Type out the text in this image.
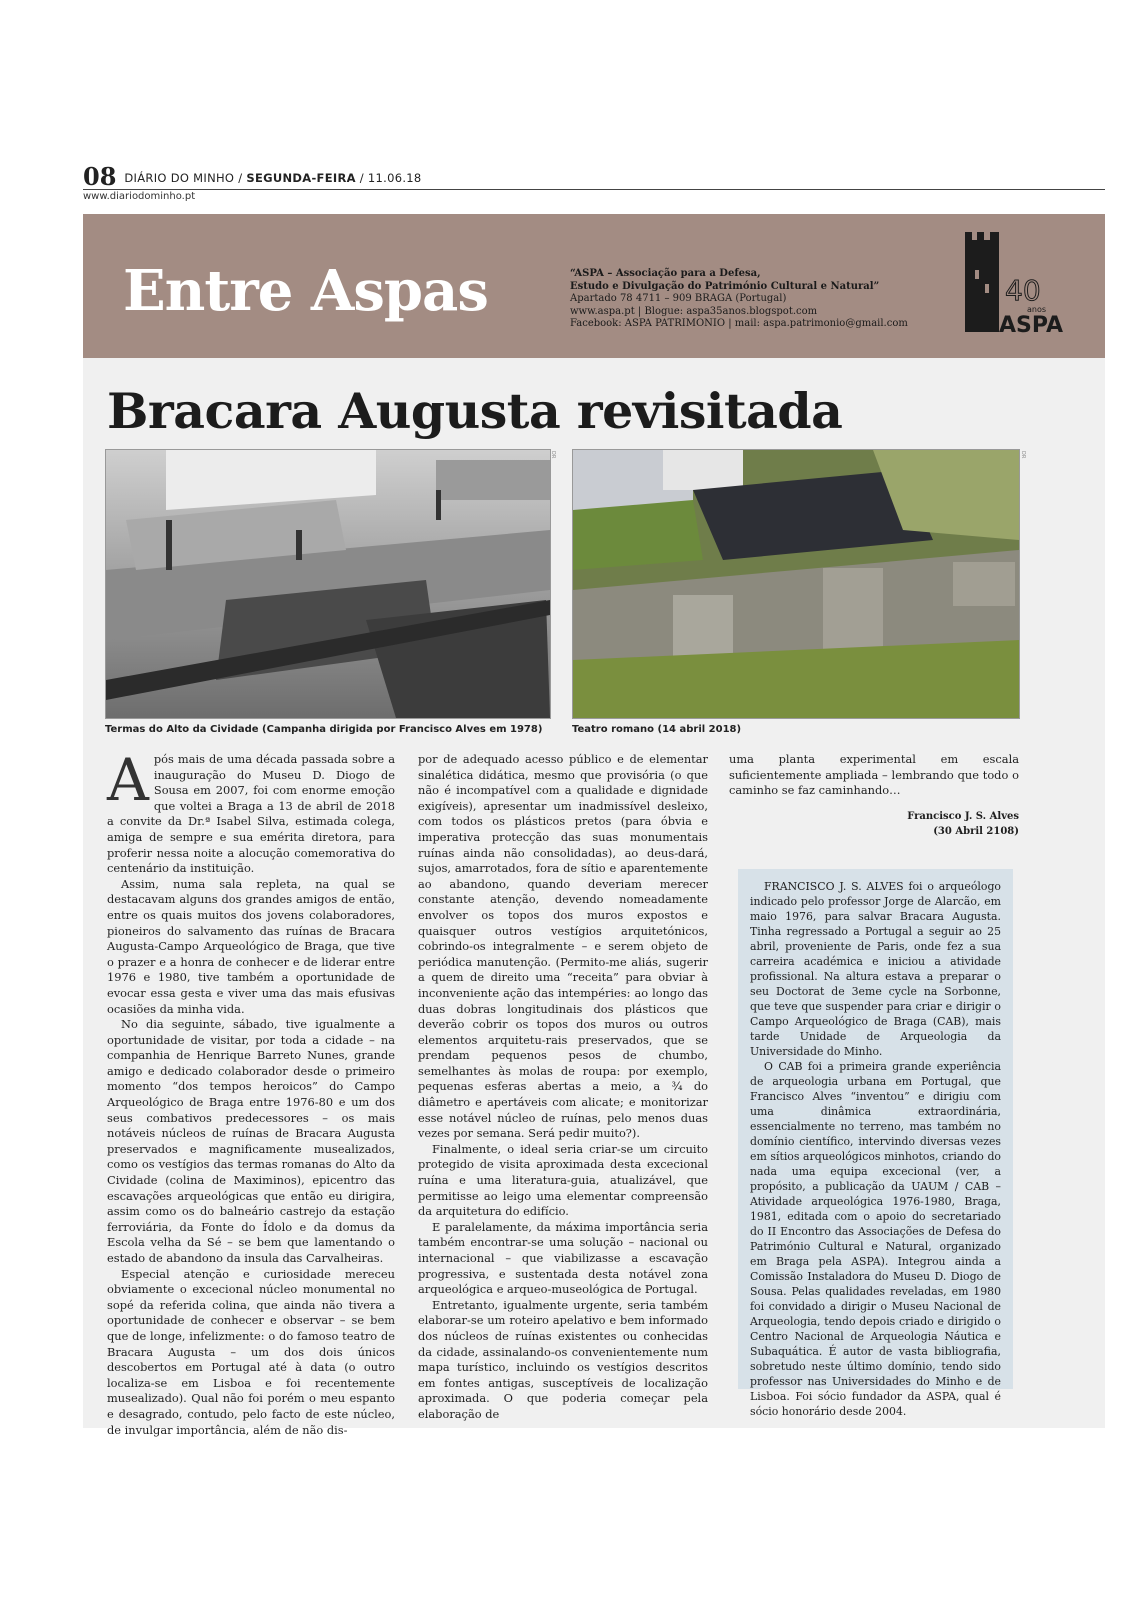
08 DIÁRIO DO MINHO / SEGUNDA-FEIRA / 11.06.18
www.diariodominho.pt
Entre Aspas	“ASPA – Associação para a Defesa,
Estudo e Divulgação do Património Cultural e Natural”
Apartado 78 4711 – 909 BRAGA (Portugal)
www.aspa.pt | Blogue: aspa35anos.blogspot.com
Facebook: ASPA PATRIMONIO | mail: aspa.patrimonio@gmail.com
40
anos
ASPA
Bracara Augusta revisitada
DR
Termas do Alto da Cividade (Campanha dirigida por Francisco Alves em 1978)
DR
Teatro romano (14 abril 2018)

Após mais de uma década passada sobre a inauguração do Museu D. Diogo de Sousa em 2007, foi com enorme emoção que voltei a Braga a 13 de abril de 2018 a convite da Dr.ª Isabel Silva, estimada colega, amiga de sempre e sua emérita diretora, para proferir nessa noite a alocução comemorativa do centenário da instituição.

Assim, numa sala repleta, na qual se destacavam alguns dos grandes amigos de então, entre os quais muitos dos jovens colaboradores, pioneiros do salvamento das ruínas de Bracara Augusta-Campo Arqueológico de Braga, que tive o prazer e a honra de conhecer e de liderar entre 1976 e 1980, tive também a oportunidade de evocar essa gesta e viver uma das mais efusivas ocasiões da minha vida.

No dia seguinte, sábado, tive igualmente a oportunidade de visitar, por toda a cidade – na companhia de Henrique Barreto Nunes, grande amigo e dedicado colaborador desde o primeiro momento “dos tempos heroicos” do Campo Arqueológico de Braga entre 1976-80 e um dos seus combativos predecessores – os mais notáveis núcleos de ruínas de Bracara Augusta preservados e magnificamente musealizados, como os vestígios das termas romanas do Alto da Cividade (colina de Maximinos), epicentro das escavações arqueológicas que então eu dirigira, assim como os do balneário castrejo da estação ferroviária, da Fonte do Ídolo e da domus da Escola velha da Sé – se bem que lamentando o estado de abandono da insula das Carvalheiras.

Especial atenção e curiosidade mereceu obviamente o excecional núcleo monumental no sopé da referida colina, que ainda não tivera a oportunidade de conhecer e observar – se bem que de longe, infelizmente: o do famoso teatro de Bracara Augusta – um dos dois únicos descobertos em Portugal até à data (o outro localiza-se em Lisboa e foi recentemente musealizado). Qual não foi porém o meu espanto e desagrado, contudo, pelo facto de este núcleo, de invulgar importância, além de não dis-

por de adequado acesso público e de elementar sinalética didática, mesmo que provisória (o que não é incompatível com a qualidade e dignidade exigíveis), apresentar um inadmissível desleixo, com todos os plásticos pretos (para óbvia e imperativa protecção das suas monumentais ruínas ainda não consolidadas), ao deus-dará, sujos, amarrotados, fora de sítio e aparentemente ao abandono, quando deveriam merecer constante atenção, devendo nomeadamente envolver os topos dos muros expostos e quaisquer outros vestígios arquitetónicos, cobrindo-os integralmente – e serem objeto de periódica manutenção. (Permito-me aliás, sugerir a quem de direito uma “receita” para obviar à inconveniente ação das intempéries: ao longo das duas dobras longitudinais dos plásticos que deverão cobrir os topos dos muros ou outros elementos arquitetu-rais preservados, que se prendam pequenos pesos de chumbo, semelhantes às molas de roupa: por exemplo, pequenas esferas abertas a meio, a ¾ do diâmetro e apertáveis com alicate; e monitorizar esse notável núcleo de ruínas, pelo menos duas vezes por semana. Será pedir muito?).

Finalmente, o ideal seria criar-se um circuito protegido de visita aproximada desta excecional ruína e uma literatura-guia, atualizável, que permitisse ao leigo uma elementar compreensão da arquitetura do edifício.

E paralelamente, da máxima importância seria também encontrar-se uma solução – nacional ou internacional – que viabilizasse a escavação progressiva, e sustentada desta notável zona arqueológica e arqueo-museológica de Portugal.

Entretanto, igualmente urgente, seria também elaborar-se um roteiro apelativo e bem informado dos núcleos de ruínas existentes ou conhecidas da cidade, assinalando-os convenientemente num mapa turístico, incluindo os vestígios descritos em fontes antigas, susceptíveis de localização aproximada. O que poderia começar pela elaboração de

uma planta experimental em escala suficientemente ampliada – lembrando que todo o caminho se faz caminhando…

Francisco J. S. Alves
(30 Abril 2108)

FRANCISCO J. S. ALVES foi o arqueólogo indicado pelo professor Jorge de Alarcão, em maio 1976, para salvar Bracara Augusta. Tinha regressado a Portugal a seguir ao 25 abril, proveniente de Paris, onde fez a sua carreira académica e iniciou a atividade profissional. Na altura estava a preparar o seu Doctorat de 3eme cycle na Sorbonne, que teve que suspender para criar e dirigir o Campo Arqueológico de Braga (CAB), mais tarde Unidade de Arqueologia da Universidade do Minho.

O CAB foi a primeira grande experiência de arqueologia urbana em Portugal, que Francisco Alves “inventou” e dirigiu com uma dinâmica extraordinária, essencialmente no terreno, mas também no domínio científico, intervindo diversas vezes em sítios arqueológicos minhotos, criando do nada uma equipa excecional (ver, a propósito, a publicação da UAUM / CAB – Atividade arqueológica 1976-1980, Braga, 1981, editada com o apoio do secretariado do II Encontro das Associações de Defesa do Património Cultural e Natural, organizado em Braga pela ASPA). Integrou ainda a Comissão Instaladora do Museu D. Diogo de Sousa. Pelas qualidades reveladas, em 1980 foi convidado a dirigir o Museu Nacional de Arqueologia, tendo depois criado e dirigido o Centro Nacional de Arqueologia Náutica e Subaquática. É autor de vasta bibliografia, sobretudo neste último domínio, tendo sido professor nas Universidades do Minho e de Lisboa. Foi sócio fundador da ASPA, qual é sócio honorário desde 2004.
